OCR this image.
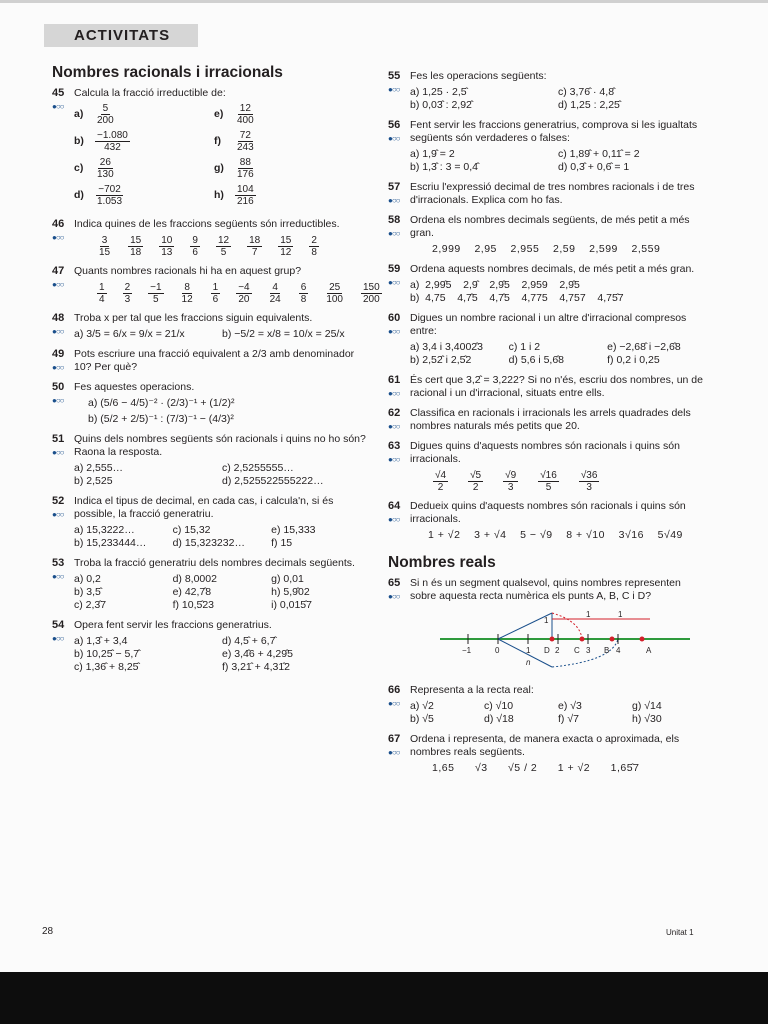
ACTIVITATS
Nombres racionals i irracionals
45
●○○
Calcula la fracció irreductible de:
a)	$\frac{5}{200}$	e)	$\frac{12}{400}$
b)	$\frac{-1.080}{432}$	f)	$\frac{72}{243}$
c)	$\frac{26}{130}$	g)	$\frac{88}{176}$
d)	$\frac{-702}{1.053}$	h)	$\frac{104}{216}$
46
●○○
Indica quines de les fraccions següents són irreductibles.
$\frac{3}{15} \frac{15}{18} \frac{10}{13} \frac{9}{6} \frac{12}{5} \frac{18}{7} \frac{15}{12} \frac{2}{8}$
47
●○○
Quants nombres racionals hi ha en aquest grup?
$\frac{1}{4} \frac{2}{3} \frac{-1}{5} \frac{8}{12} \frac{1}{6} \frac{-4}{20} \frac{4}{24} \frac{6}{8} \frac{25}{100} \frac{150}{200}$
48
●○○
Troba x per tal que les fraccions siguin equivalents.
a) 3/5 = 6/x = 9/x = 21/x	b) −5/2 = x/8 = 10/x = 25/x
49
●○○
Pots escriure una fracció equivalent a 2/3 amb denominador 10? Per què?
50
●○○
Fes aquestes operacions.
a) (5/6 − 4/5)⁻² · (2/3)⁻¹ + (1/2)²
b) (5/2 + 2/5)⁻¹ : (7/3)⁻¹ − (4/3)²
51
●○○
Quins dels nombres següents són racionals i quins no ho són? Raona la resposta.
a) 2,555…	c) 2,5255555…
b) 2,525	d) 2,525522555222…
52
●○○
Indica el tipus de decimal, en cada cas, i calcula'n, si és possible, la fracció generatriu.
a) 15,3222…	c) 15,32	e) 15,333
b) 15,233444…	d) 15,323232…	f) 15
53
●○○
Troba la fracció generatriu dels nombres decimals següents.
a) 0,2	d) 8,0002	g) 0,01
b) 3,5̂	e) 42,7̂8	h) 5,9̂02
c) 2,3̂7	f) 10,5̂23	i) 0,015̂7
54
●○○
Opera fent servir les fraccions generatrius.
a) 1,3̂ + 3,4	d) 4,5̂ + 6,7̂
b) 10,25̂ − 5,7̂	e) 3,4̂6 + 4,29̂5
c) 1,36̂ + 8,25̂	f) 3,21̂ + 4,31̂2
55
●○○
Fes les operacions següents:
a) 1,25 · 2,5̂	c) 3,76̂ · 4,8̂
b) 0,03̂ : 2,92̂	d) 1,25 : 2,25̂
56
●○○
Fent servir les fraccions generatrius, comprova si les igualtats següents són verdaderes o falses:
a) 1,9̂ = 2	c) 1,89̂ + 0,11̂ = 2
b) 1,3̂ : 3 = 0,4̂	d) 0,3̂ + 0,6̂ = 1
57
●○○
Escriu l'expressió decimal de tres nombres racionals i de tres d'irracionals. Explica com ho fas.
58
●○○
Ordena els nombres decimals següents, de més petit a més gran.
2,999    2,95    2,955    2,59    2,599    2,559
59
●○○
Ordena aquests nombres decimals, de més petit a més gran.
a)  2,99̂5    2,9̂    2,9̂5    2,959    2,9̂5
b)  4,75    4,7̂5    4,7̂5    4,775    4,757    4,75̂7
60
●○○
Digues un nombre racional i un altre d'irracional compresos entre:
a) 3,4 i 3,4002̂3	c) 1 i 2	e) −2,68̂ i −2,6̂8
b) 2,52̂ i 2,5̂2	d) 5,6 i 5,6̂8	f) 0,2 i 0,25
61
●○○
És cert que 3,2̂ = 3,222? Si no n'és, escriu dos nombres, un de racional i un d'irracional, situats entre ells.
62
●○○
Classifica en racionals i irracionals les arrels quadrades dels nombres naturals més petits que 20.
63
●○○
Digues quins d'aquests nombres són racionals i quins són irracionals.
$\frac{√4}{2} \frac{√5}{2} \frac{√9}{3} \frac{√16}{5} \frac{√36}{3}$
64
●○○
Dedueix quins d'aquests nombres són racionals i quins són irracionals.
1 + √2    3 + √4    5 − √9    8 + √10    3√16    5√49
Nombres reals
65
●○○
Si n és un segment qualsevol, quins nombres representen sobre aquesta recta numèrica els punts A, B, C i D?
−1	0	1 D 2 C 3 B 4	A
n
1
1	1
66
●○○
Representa a la recta real:
a) √2	c) √10	e) √3	g) √14
b) √5	d) √18	f) √7	h) √30
67
●○○
Ordena i representa, de manera exacta o aproximada, els nombres reals següents.
1,65      √3      √5 / 2      1 + √2      1,65̂7
28	Unitat 1
